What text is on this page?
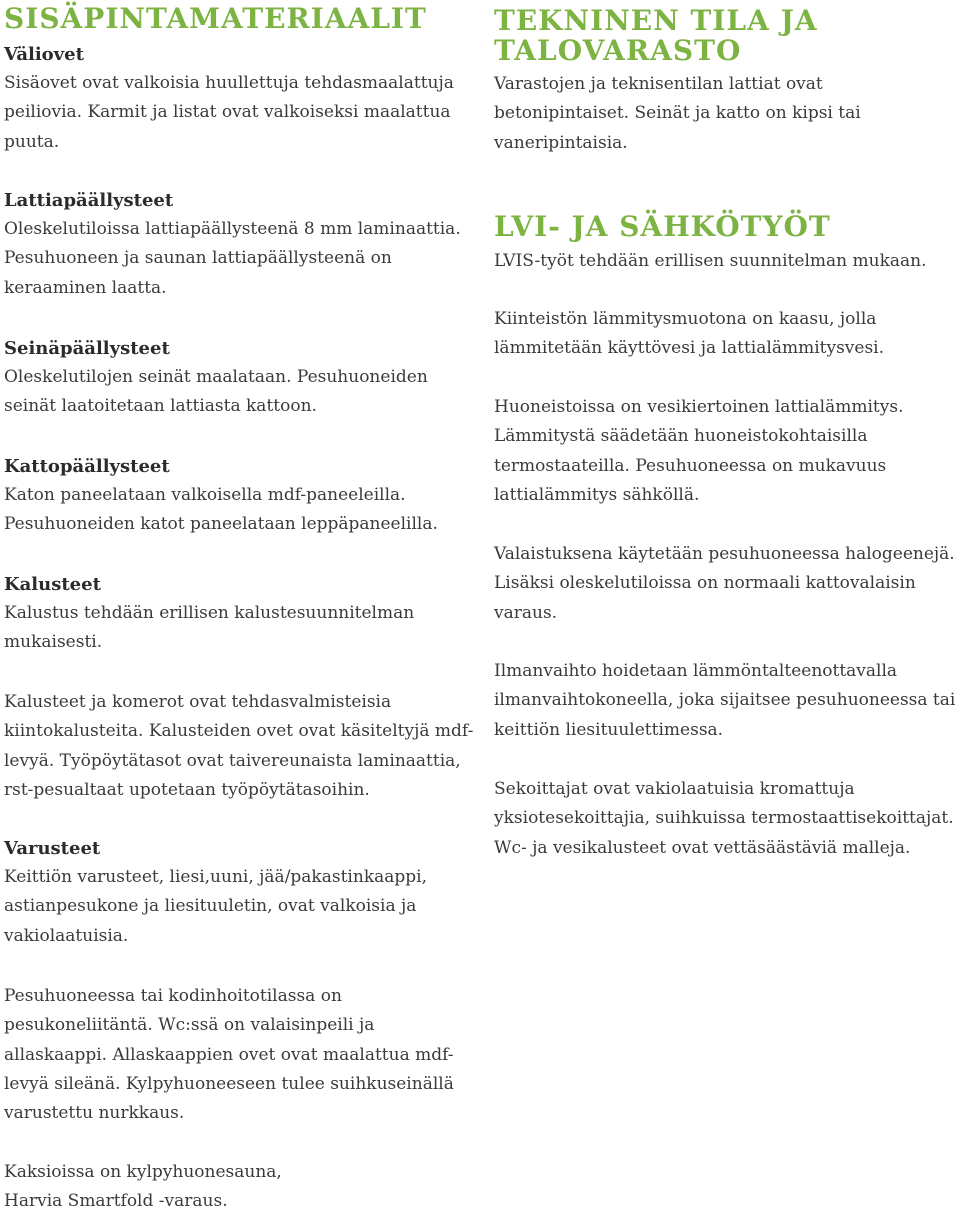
SISÄPINTAMATERIAALIT
Väliovet

Sisäovet ovat valkoisia huullettuja tehdasmaalattuja
peiliovia. Karmit ja listat ovat valkoiseksi maalattua
puuta.

Lattiapäällysteet

Oleskelutiloissa lattiapäällysteenä 8 mm laminaattia.
Pesuhuoneen ja saunan lattiapäällysteenä on
keraaminen laatta.

Seinäpäällysteet

Oleskelutilojen seinät maalataan. Pesuhuoneiden
seinät laatoitetaan lattiasta kattoon.

Kattopäällysteet

Katon paneelataan valkoisella mdf-paneeleilla.
Pesuhuoneiden katot paneelataan leppäpaneelilla.

Kalusteet

Kalustus tehdään erillisen kalustesuunnitelman
mukaisesti.

Kalusteet ja komerot ovat tehdasvalmisteisia
kiintokalusteita. Kalusteiden ovet ovat käsiteltyjä mdf-
levyä. Työpöytätasot ovat taivereunaista laminaattia,
rst-pesualtaat upotetaan työpöytätasoihin.

Varusteet

Keittiön varusteet, liesi,uuni, jää/pakastinkaappi,
astianpesukone ja liesituuletin, ovat valkoisia ja
vakiolaatuisia.

Pesuhuoneessa tai kodinhoitotilassa on
pesukoneliitäntä. Wc:ssä on valaisinpeili ja
allaskaappi. Allaskaappien ovet ovat maalattua mdf-
levyä sileänä. Kylpyhuoneeseen tulee suihkuseinällä
varustettu nurkkaus.

Kaksioissa on kylpyhuonesauna,
Harvia Smartfold -varaus.

TEKNINEN TILA JA
TALOVARASTO

Varastojen ja teknisentilan lattiat ovat
betonipintaiset. Seinät ja katto on kipsi tai
vaneripintaisia.

LVI- JA SÄHKÖTYÖT

LVIS-työt tehdään erillisen suunnitelman mukaan.

Kiinteistön lämmitysmuotona on kaasu, jolla
lämmitetään käyttövesi ja lattialämmitysvesi.

Huoneistoissa on vesikiertoinen lattialämmitys.
Lämmitystä säädetään huoneistokohtaisilla
termostaateilla. Pesuhuoneessa on mukavuus
lattialämmitys sähköllä.

Valaistuksena käytetään pesuhuoneessa halogeenejä.
Lisäksi oleskelutiloissa on normaali kattovalaisin
varaus.

Ilmanvaihto hoidetaan lämmöntalteenottavalla
ilmanvaihtokoneella, joka sijaitsee pesuhuoneessa tai
keittiön liesituulettimessa.

Sekoittajat ovat vakiolaatuisia kromattuja
yksiotesekoittajia, suihkuissa termostaattisekoittajat.
Wc- ja vesikalusteet ovat vettäsäästäviä malleja.
